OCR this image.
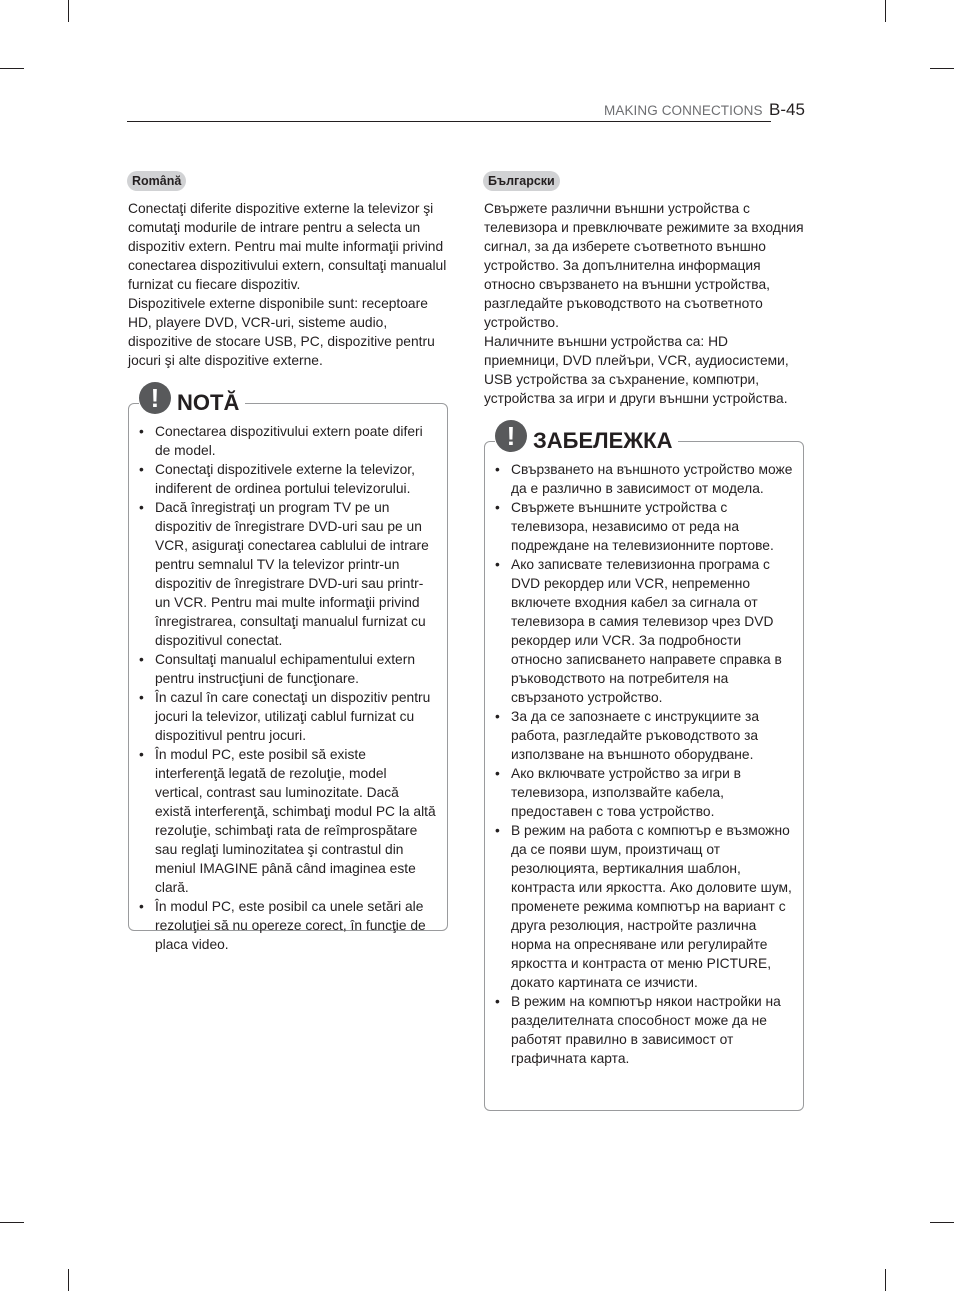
MAKING CONNECTIONS B-45
Română

Conectaţi diferite dispozitive externe la televizor şi comutaţi modurile de intrare pentru a selecta un dispozitiv extern. Pentru mai multe informaţii privind conectarea dispozitivului extern, consultaţi manualul furnizat cu fiecare dispozitiv.

Dispozitivele externe disponibile sunt: receptoare HD, playere DVD, VCR-uri, sisteme audio, dispozitive de stocare USB, PC, dispozitive pentru jocuri şi alte dispozitive externe.

! NOTĂ
• Conectarea dispozitivului extern poate diferi de model.
• Conectaţi dispozitivele externe la televizor, indiferent de ordinea portului televizorului.
• Dacă înregistraţi un program TV pe un dispozitiv de înregistrare DVD-uri sau pe un VCR, asiguraţi conectarea cablului de intrare pentru semnalul TV la televizor printr-un dispozitiv de înregistrare DVD-uri sau printr-un VCR. Pentru mai multe informaţii privind înregistrarea, consultaţi manualul furnizat cu dispozitivul conectat.
• Consultaţi manualul echipamentului extern pentru instrucţiuni de funcţionare.
• În cazul în care conectaţi un dispozitiv pentru jocuri la televizor, utilizaţi cablul furnizat cu dispozitivul pentru jocuri.
• În modul PC, este posibil să existe interferenţă legată de rezoluţie, model vertical, contrast sau luminozitate. Dacă există interferenţă, schimbaţi modul PC la altă rezoluţie, schimbaţi rata de reîmprospătare sau reglaţi luminozitatea şi contrastul din meniul IMAGINE până când imaginea este clară.
• În modul PC, este posibil ca unele setări ale rezoluţiei să nu opereze corect, în funcţie de placa video.
Български

Свържете различни външни устройства с телевизора и превключвате режимите за входния сигнал, за да изберете съответното външно устройство. За допълнителна информация относно свързването на външни устройства, разгледайте ръководството на съответното устройство.

Наличните външни устройства са: HD приемници, DVD плейъри, VCR, аудиосистеми, USB устройства за съхранение, компютри, устройства за игри и други външни устройства.

! ЗАБЕЛЕЖКА
• Свързването на външното устройство може да е различно в зависимост от модела.
• Свържете външните устройства с телевизора, независимо от реда на подреждане на телевизионните портове.
• Ако записвате телевизионна програма с DVD рекордер или VCR, непременно включете входния кабел за сигнала от телевизора в самия телевизор чрез DVD рекордер или VCR. За подробности относно записването направете справка в ръководството на потребителя на свързаното устройство.
• За да се запознаете с инструкциите за работа, разгледайте ръководството за използване на външното оборудване.
• Ако включвате устройство за игри в телевизора, използвайте кабела, предоставен с това устройство.
• В режим на работа с компютър е възможно да се появи шум, произтичащ от резолюцията, вертикалния шаблон, контраста или яркостта. Ако доловите шум, променете режима компютър на вариант с друга резолюция, настройте различна норма на опресняване или регулирайте яркостта и контраста от меню PICTURE, докато картината се изчисти.
• В режим на компютър някои настройки на разделителната способност може да не работят правилно в зависимост от графичната карта.
